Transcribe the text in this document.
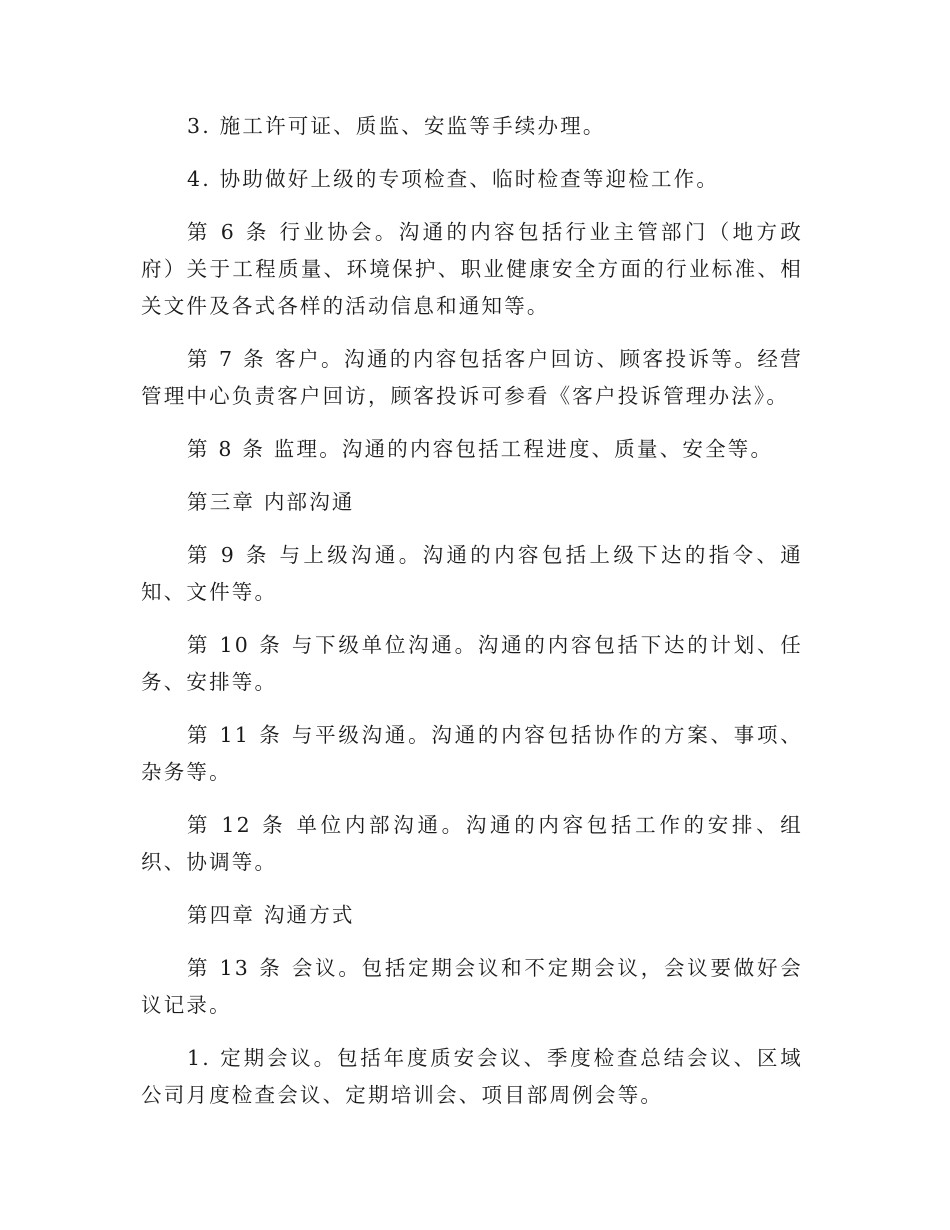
3. 施工许可证、质监、安监等手续办理。

4. 协助做好上级的专项检查、临时检查等迎检工作。

第 6 条 行业协会。沟通的内容包括行业主管部门（地方政府）关于工程质量、环境保护、职业健康安全方面的行业标准、相关文件及各式各样的活动信息和通知等。

第 7 条 客户。沟通的内容包括客户回访、顾客投诉等。经营管理中心负责客户回访，顾客投诉可参看《客户投诉管理办法》。

第 8 条 监理。沟通的内容包括工程进度、质量、安全等。

第三章 内部沟通

第 9 条 与上级沟通。沟通的内容包括上级下达的指令、通知、文件等。

第 10 条 与下级单位沟通。沟通的内容包括下达的计划、任务、安排等。

第 11 条 与平级沟通。沟通的内容包括协作的方案、事项、杂务等。

第 12 条 单位内部沟通。沟通的内容包括工作的安排、组织、协调等。

第四章 沟通方式

第 13 条 会议。包括定期会议和不定期会议，会议要做好会议记录。

1. 定期会议。包括年度质安会议、季度检查总结会议、区域公司月度检查会议、定期培训会、项目部周例会等。
